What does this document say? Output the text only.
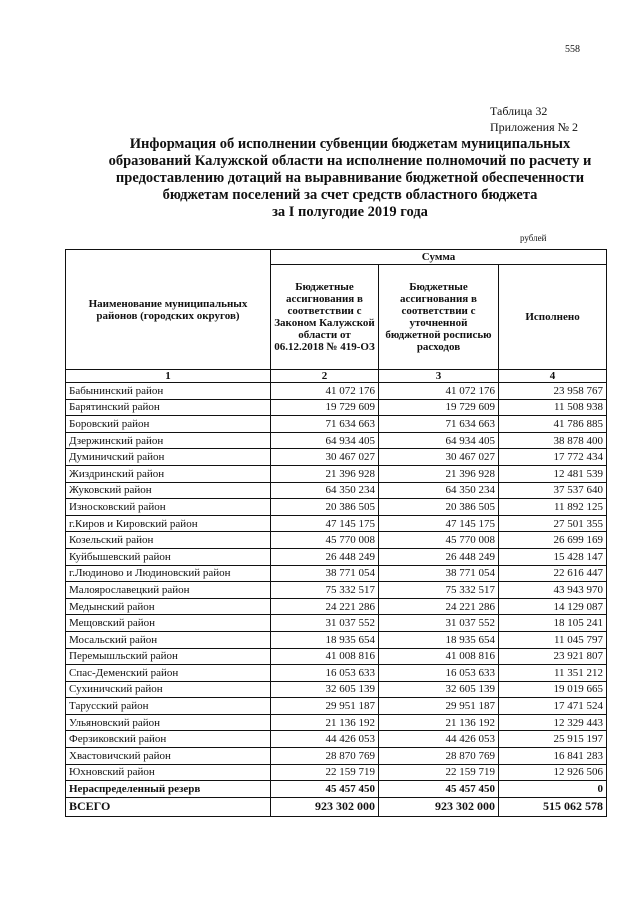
558
Таблица 32
Приложения № 2
Информация об исполнении субвенции бюджетам муниципальных
образований Калужской области на исполнение полномочий по расчету и
предоставлению дотаций на выравнивание бюджетной обеспеченности
бюджетам поселений за счет средств областного бюджета
за I полугодие 2019 года
рублей
Наименование муниципальных районов (городских округов)	Сумма		
	Бюджетные ассигнования в соответствии с Законом Калужской области от 06.12.2018 № 419-ОЗ	Бюджетные ассигнования в соответствии с уточненной бюджетной росписью расходов	Исполнено
1	2	3	4
Бабынинский район	41 072 176	41 072 176	23 958 767
Барятинский район	19 729 609	19 729 609	11 508 938
Боровский район	71 634 663	71 634 663	41 786 885
Дзержинский район	64 934 405	64 934 405	38 878 400
Думиничский район	30 467 027	30 467 027	17 772 434
Жиздринский район	21 396 928	21 396 928	12 481 539
Жуковский район	64 350 234	64 350 234	37 537 640
Износковский район	20 386 505	20 386 505	11 892 125
г.Киров и Кировский район	47 145 175	47 145 175	27 501 355
Козельский район	45 770 008	45 770 008	26 699 169
Куйбышевский район	26 448 249	26 448 249	15 428 147
г.Людиново и Людиновский район	38 771 054	38 771 054	22 616 447
Малоярославецкий район	75 332 517	75 332 517	43 943 970
Медынский район	24 221 286	24 221 286	14 129 087
Мещовский район	31 037 552	31 037 552	18 105 241
Мосальский район	18 935 654	18 935 654	11 045 797
Перемышльский район	41 008 816	41 008 816	23 921 807
Спас-Деменский район	16 053 633	16 053 633	11 351 212
Сухиничский район	32 605 139	32 605 139	19 019 665
Тарусский район	29 951 187	29 951 187	17 471 524
Ульяновский район	21 136 192	21 136 192	12 329 443
Ферзиковский район	44 426 053	44 426 053	25 915 197
Хвастовичский район	28 870 769	28 870 769	16 841 283
Юхновский район	22 159 719	22 159 719	12 926 506
Нераспределенный резерв	45 457 450	45 457 450	0
ВСЕГО	923 302 000	923 302 000	515 062 578
